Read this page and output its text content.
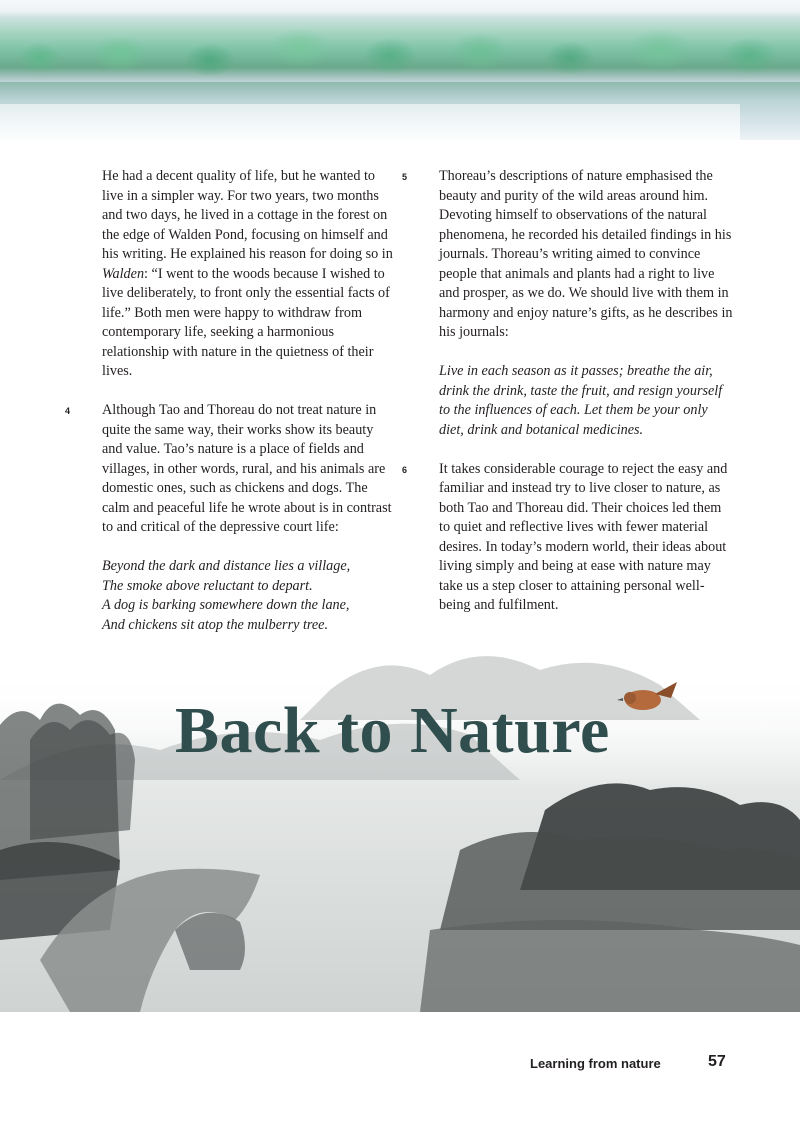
He had a decent quality of life, but he wanted to live in a simpler way. For two years, two months and two days, he lived in a cottage in the forest on the edge of Walden Pond, focusing on himself and his writing. He explained his reason for doing so in Walden: “I went to the woods because I wished to live deliberately, to front only the essential facts of life.” Both men were happy to withdraw from contemporary life, seeking a harmonious relationship with nature in the quietness of their lives.

4 Although Tao and Thoreau do not treat nature in quite the same way, their works show its beauty and value. Tao’s nature is a place of fields and villages, in other words, rural, and his animals are domestic ones, such as chickens and dogs. The calm and peaceful life he wrote about is in contrast to and critical of the depressive court life:

Beyond the dark and distance lies a village,
The smoke above reluctant to depart.
A dog is barking somewhere down the lane,
And chickens sit atop the mulberry tree.

5 Thoreau’s descriptions of nature emphasised the beauty and purity of the wild areas around him. Devoting himself to observations of the natural phenomena, he recorded his detailed findings in his journals. Thoreau’s writing aimed to convince people that animals and plants had a right to live and prosper, as we do. We should live with them in harmony and enjoy nature’s gifts, as he describes in his journals:

Live in each season as it passes; breathe the air, drink the drink, taste the fruit, and resign yourself to the influences of each. Let them be your only diet, drink and botanical medicines.

6 It takes considerable courage to reject the easy and familiar and instead try to live closer to nature, as both Tao and Thoreau did. Their choices led them to quiet and reflective lives with fewer material desires. In today’s modern world, their ideas about living simply and being at ease with nature may take us a step closer to attaining personal well-being and fulfilment.

Back to Nature
Learning from nature	57
